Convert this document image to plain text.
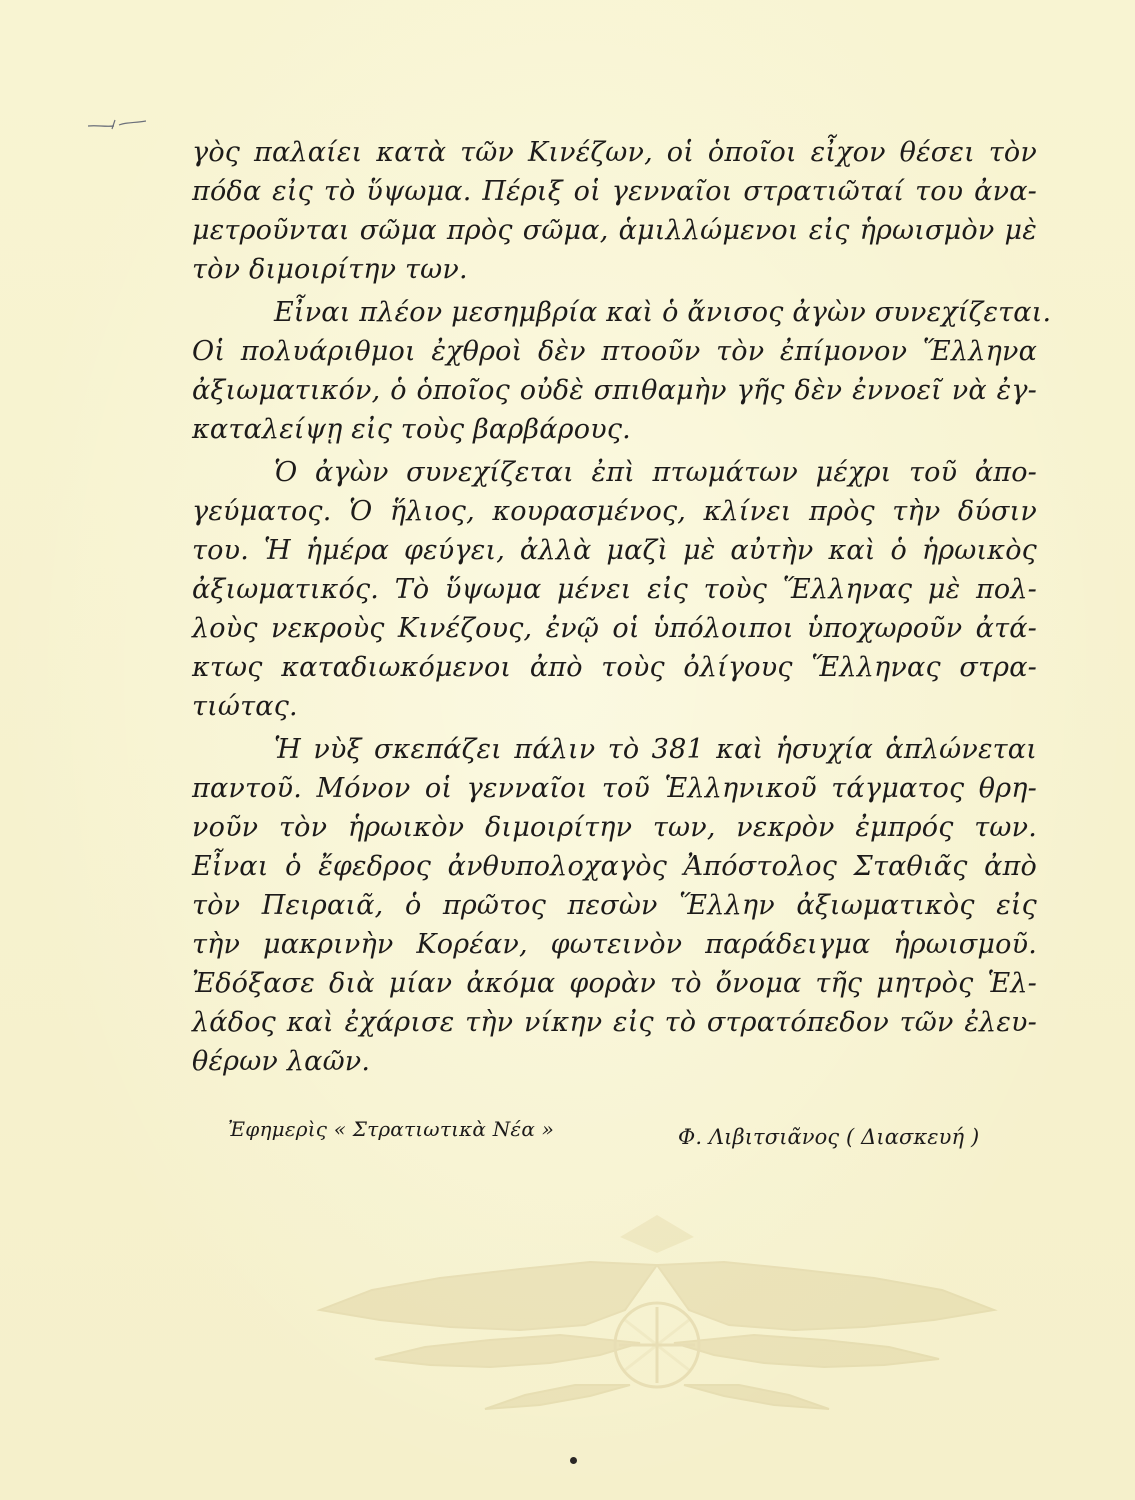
γὸς παλαίει κατὰ τῶν Κινέζων, οἱ ὁποῖοι εἶχον θέσει τὸν
πόδα εἰς τὸ ὕψωμα. Πέριξ οἱ γενναῖοι στρατιῶταί του ἀνα-
μετροῦνται σῶμα πρὸς σῶμα, ἁμιλλώμενοι εἰς ἡρωισμὸν μὲ
τὸν διμοιρίτην των.
Εἶναι πλέον μεσημβρία καὶ ὁ ἄνισος ἀγὼν συνεχίζεται.
Οἱ πολυάριθμοι ἐχθροὶ δὲν πτοοῦν τὸν ἐπίμονον Ἕλληνα
ἀξιωματικόν, ὁ ὁποῖος οὐδὲ σπιθαμὴν γῆς δὲν ἐννοεῖ νὰ ἐγ-
καταλείψῃ εἰς τοὺς βαρβάρους.
Ὁ ἀγὼν συνεχίζεται ἐπὶ πτωμάτων μέχρι τοῦ ἀπο-
γεύματος. Ὁ ἥλιος, κουρασμένος, κλίνει πρὸς τὴν δύσιν
του. Ἡ ἡμέρα φεύγει, ἀλλὰ μαζὶ μὲ αὐτὴν καὶ ὁ ἡρωικὸς
ἀξιωματικός. Τὸ ὕψωμα μένει εἰς τοὺς Ἕλληνας μὲ πολ-
λοὺς νεκροὺς Κινέζους, ἐνῷ οἱ ὑπόλοιποι ὑποχωροῦν ἀτά-
κτως καταδιωκόμενοι ἀπὸ τοὺς ὀλίγους Ἕλληνας στρα-
τιώτας.
Ἡ νὺξ σκεπάζει πάλιν τὸ 381 καὶ ἡσυχία ἁπλώνεται
παντοῦ. Μόνον οἱ γενναῖοι τοῦ Ἑλληνικοῦ τάγματος θρη-
νοῦν τὸν ἡρωικὸν διμοιρίτην των, νεκρὸν ἐμπρός των.
Εἶναι ὁ ἔφεδρος ἀνθυπολοχαγὸς Ἀπόστολος Σταθιᾶς ἀπὸ
τὸν Πειραιᾶ, ὁ πρῶτος πεσὼν Ἕλλην ἀξιωματικὸς εἰς
τὴν μακρινὴν Κορέαν, φωτεινὸν παράδειγμα ἡρωισμοῦ.
Ἐδόξασε διὰ μίαν ἀκόμα φορὰν τὸ ὄνομα τῆς μητρὸς Ἑλ-
λάδος καὶ ἐχάρισε τὴν νίκην εἰς τὸ στρατόπεδον τῶν ἐλευ-
θέρων λαῶν.
Ἐφημερὶς « Στρατιωτικὰ Νέα »	Φ. Λιβιτσιᾶνος ( Διασκευή )
